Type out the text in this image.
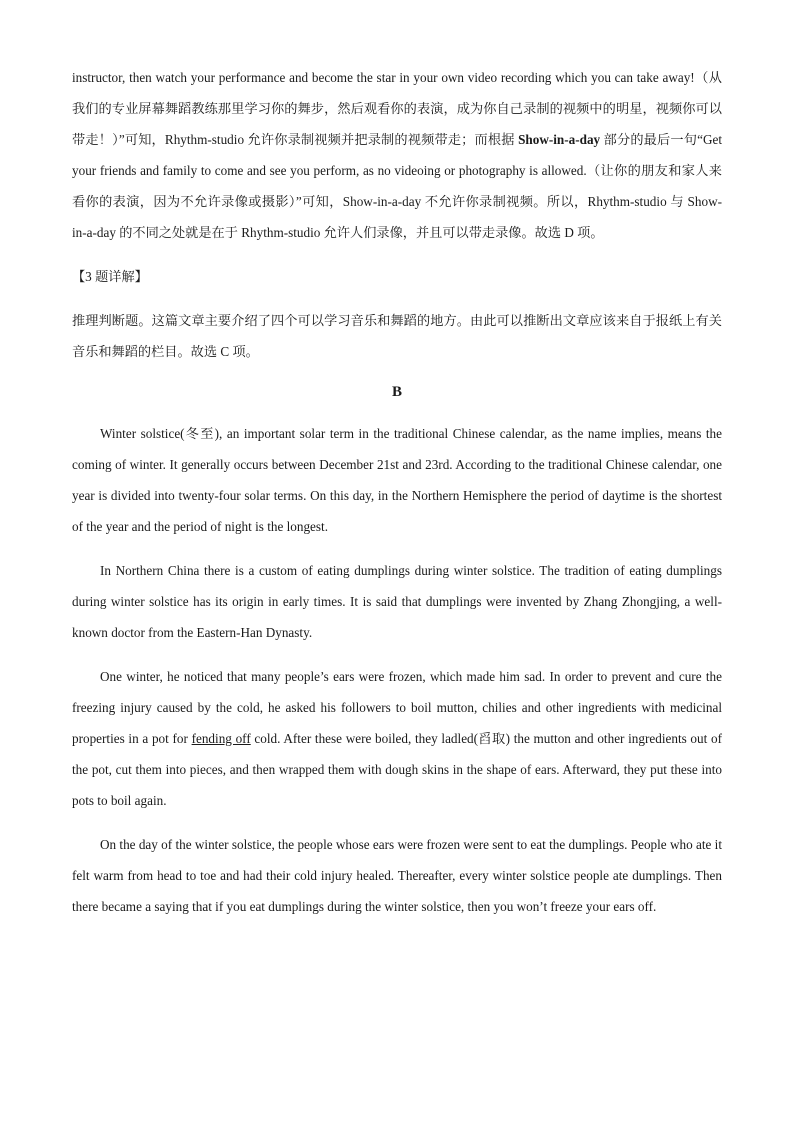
instructor, then watch your performance and become the star in your own video recording which you can take away!（从我们的专业屏幕舞蹈教练那里学习你的舞步，然后观看你的表演，成为你自己录制的视频中的明星，视频你可以带走！）”可知，Rhythm-studio 允许你录制视频并把录制的视频带走；而根据 Show-in-a-day 部分的最后一句“Get your friends and family to come and see you perform, as no videoing or photography is allowed.（让你的朋友和家人来看你的表演，因为不允许录像或摄影）”可知，Show-in-a-day 不允许你录制视频。所以，Rhythm-studio 与 Show-in-a-day 的不同之处就是在于 Rhythm-studio 允许人们录像，并且可以带走录像。故选 D 项。

【3 题详解】

推理判断题。这篇文章主要介绍了四个可以学习音乐和舞蹈的地方。由此可以推断出文章应该来自于报纸上有关音乐和舞蹈的栏目。故选 C 项。

B

Winter solstice(冬至), an important solar term in the traditional Chinese calendar, as the name implies, means the coming of winter. It generally occurs between December 21st and 23rd. According to the traditional Chinese calendar, one year is divided into twenty-four solar terms. On this day, in the Northern Hemisphere the period of daytime is the shortest of the year and the period of night is the longest.

In Northern China there is a custom of eating dumplings during winter solstice. The tradition of eating dumplings during winter solstice has its origin in early times. It is said that dumplings were invented by Zhang Zhongjing, a well-known doctor from the Eastern-Han Dynasty.

One winter, he noticed that many people’s ears were frozen, which made him sad. In order to prevent and cure the freezing injury caused by the cold, he asked his followers to boil mutton, chilies and other ingredients with medicinal properties in a pot for fending off cold. After these were boiled, they ladled(舀取) the mutton and other ingredients out of the pot, cut them into pieces, and then wrapped them with dough skins in the shape of ears. Afterward, they put these into pots to boil again.

On the day of the winter solstice, the people whose ears were frozen were sent to eat the dumplings. People who ate it felt warm from head to toe and had their cold injury healed. Thereafter, every winter solstice people ate dumplings. Then there became a saying that if you eat dumplings during the winter solstice, then you won’t freeze your ears off.
